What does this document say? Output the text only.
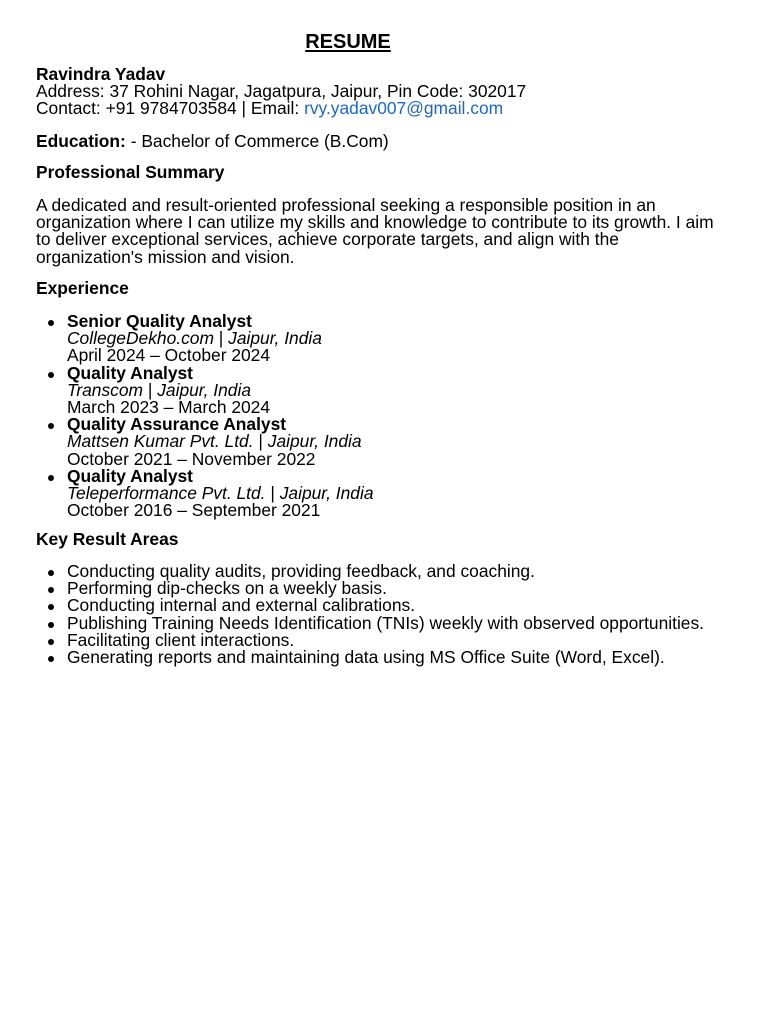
RESUME
Ravindra Yadav
Address: 37 Rohini Nagar, Jagatpura, Jaipur, Pin Code: 302017
Contact: +91 9784703584 | Email: rvy.yadav007@gmail.com
Education: - Bachelor of Commerce (B.Com)
Professional Summary
A dedicated and result-oriented professional seeking a responsible position in an organization where I can utilize my skills and knowledge to contribute to its growth. I aim to deliver exceptional services, achieve corporate targets, and align with the organization's mission and vision.
Experience
Senior Quality Analyst
CollegeDekho.com | Jaipur, India
April 2024 – October 2024
Quality Analyst
Transcom | Jaipur, India
March 2023 – March 2024
Quality Assurance Analyst
Mattsen Kumar Pvt. Ltd. | Jaipur, India
October 2021 – November 2022
Quality Analyst
Teleperformance Pvt. Ltd. | Jaipur, India
October 2016 – September 2021
Key Result Areas
Conducting quality audits, providing feedback, and coaching.
Performing dip-checks on a weekly basis.
Conducting internal and external calibrations.
Publishing Training Needs Identification (TNIs) weekly with observed opportunities.
Facilitating client interactions.
Generating reports and maintaining data using MS Office Suite (Word, Excel).
